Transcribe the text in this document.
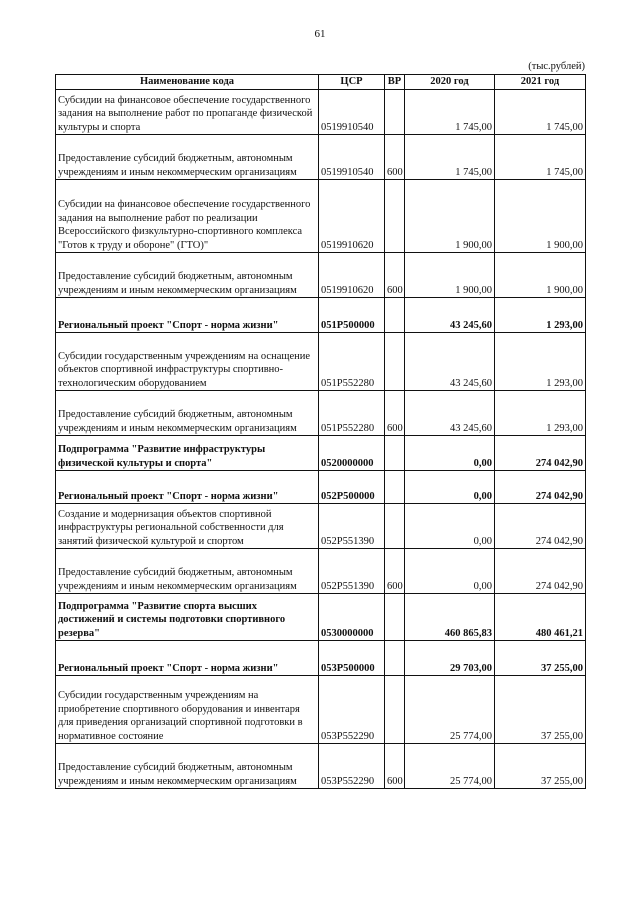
61
(тыс.рублей)
Наименование кода	ЦСР	ВР	2020 год	2021 год
Субсидии на финансовое обеспечение государственного задания на выполнение работ по пропаганде физической культуры и спорта	0519910540		1 745,00	1 745,00
Предоставление субсидий бюджетным, автономным учреждениям и иным некоммерческим организациям	0519910540	600	1 745,00	1 745,00
Субсидии на финансовое обеспечение государственного задания на выполнение работ по реализации Всероссийского физкультурно-спортивного комплекса "Готов к труду и обороне" (ГТО)"	0519910620		1 900,00	1 900,00
Предоставление субсидий бюджетным, автономным учреждениям и иным некоммерческим организациям	0519910620	600	1 900,00	1 900,00
Региональный проект "Спорт - норма жизни"	051P500000		43 245,60	1 293,00
Субсидии государственным учреждениям на оснащение объектов спортивной инфраструктуры спортивно-технологическим оборудованием	051P552280		43 245,60	1 293,00
Предоставление субсидий бюджетным, автономным учреждениям и иным некоммерческим организациям	051P552280	600	43 245,60	1 293,00
Подпрограмма "Развитие инфраструктуры физической культуры и спорта"	0520000000		0,00	274 042,90
Региональный проект "Спорт - норма жизни"	052P500000		0,00	274 042,90
Создание и модернизация объектов спортивной инфраструктуры региональной собственности для занятий физической культурой и спортом	052P551390		0,00	274 042,90
Предоставление субсидий бюджетным, автономным учреждениям и иным некоммерческим организациям	052P551390	600	0,00	274 042,90
Подпрограмма "Развитие спорта высших достижений и системы подготовки спортивного резерва"	0530000000		460 865,83	480 461,21
Региональный проект "Спорт - норма жизни"	053P500000		29 703,00	37 255,00
Субсидии государственным учреждениям на приобретение спортивного оборудования и инвентаря для приведения организаций спортивной подготовки в нормативное состояние	053P552290		25 774,00	37 255,00
Предоставление субсидий бюджетным, автономным учреждениям и иным некоммерческим организациям	053P552290	600	25 774,00	37 255,00
